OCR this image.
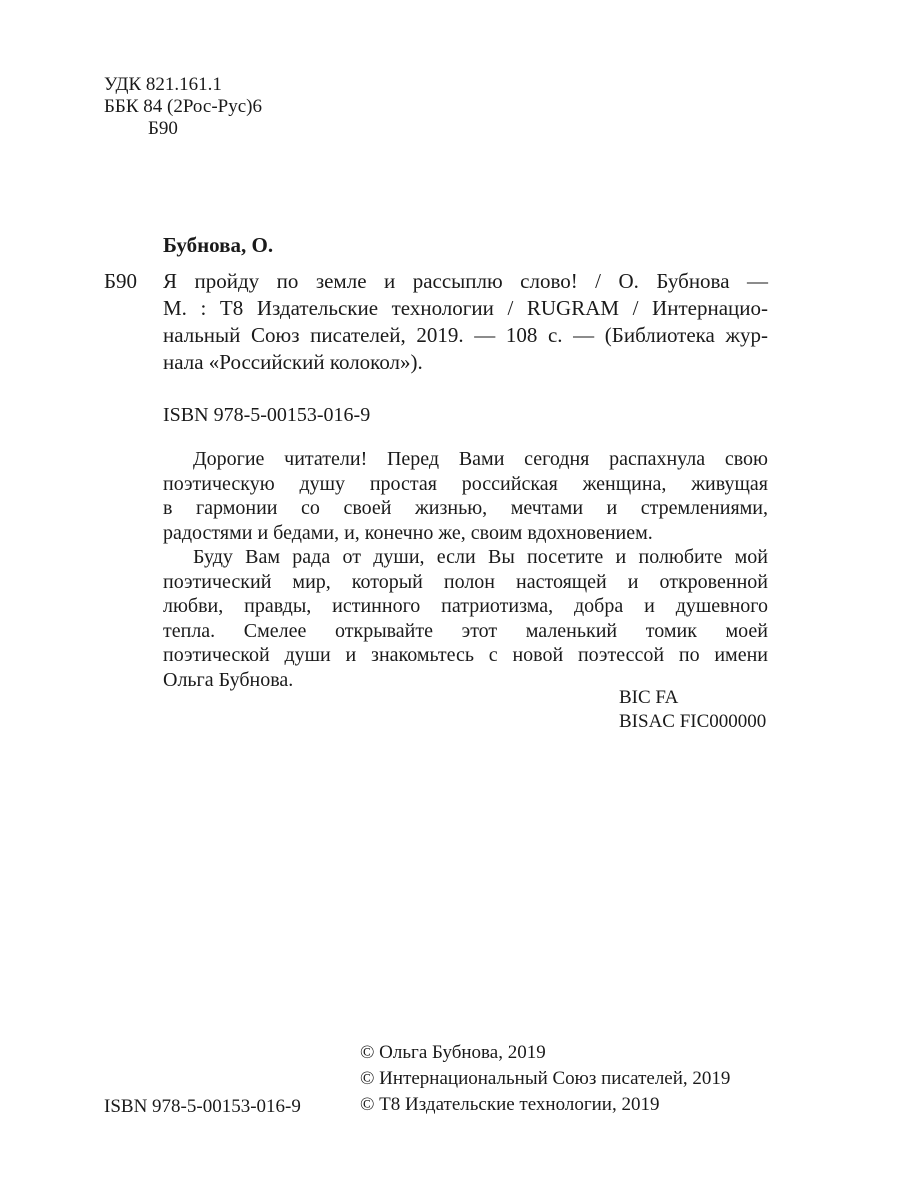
УДК 821.161.1
ББК 84 (2Рос-Рус)6
Б90
Бубнова, О.
Б90 Я пройду по земле и рассыплю слово! / О. Бубнова —
М. : Т8 Издательские технологии / RUGRAM / Интернацио-
нальный Союз писателей, 2019. — 108 с. — (Библиотека жур-
нала «Российский колокол»).
ISBN 978-5-00153-016-9
Дорогие читатели! Перед Вами сегодня распахнула свою
поэтическую душу простая российская женщина, живущая
в гармонии со своей жизнью, мечтами и стремлениями,
радостями и бедами, и, конечно же, своим вдохновением.
Буду Вам рада от души, если Вы посетите и полюбите мой
поэтический мир, который полон настоящей и откровенной
любви, правды, истинного патриотизма, добра и душевного
тепла. Смелее открывайте этот маленький томик моей
поэтической души и знакомьтесь с новой поэтессой по имени
Ольга Бубнова.
BIC FA
BISAC FIC000000
ISBN 978-5-00153-016-9
© Ольга Бубнова, 2019
© Интернациональный Союз писателей, 2019
© Т8 Издательские технологии, 2019
